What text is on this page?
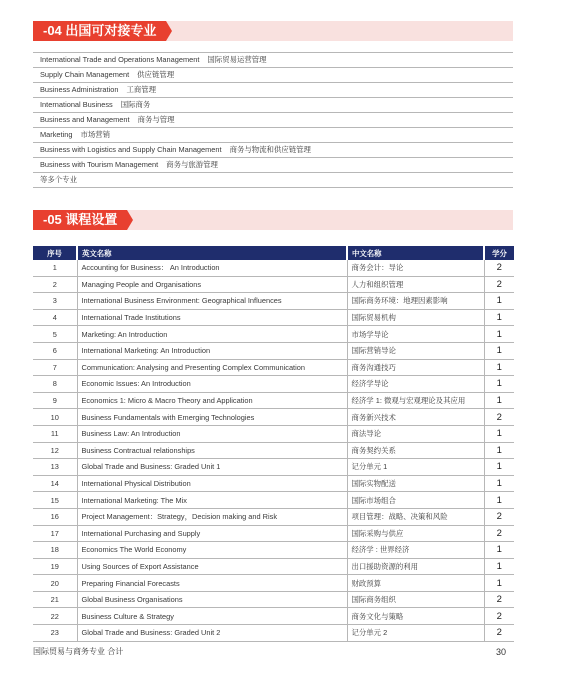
-04 出国可对接专业
International Trade and Operations Management 国际贸易运营管理
Supply Chain Management 供应链管理
Business Administration 工商管理
International Business 国际商务
Business and Management 商务与管理
Marketing 市场营销
Business with Logistics and Supply Chain Management 商务与物流和供应链管理
Business with Tourism Management 商务与旅游管理
等多个专业
-05 课程设置
序号	英文名称	中文名称	学分
1	Accounting for Business： An Introduction	商务会计：导论	2
2	Managing People and Organisations	人力和组织管理	2
3	International Business Environment: Geographical Influences	国际商务环境：地理因素影响	1
4	International Trade Institutions	国际贸易机构	1
5	Marketing: An Introduction	市场学导论	1
6	International Marketing: An Introduction	国际营销导论	1
7	Communication: Analysing and Presenting Complex Communication	商务沟通技巧	1
8	Economic Issues: An Introduction	经济学导论	1
9	Economics 1: Micro & Macro Theory and Application	经济学 1: 微观与宏观理论及其应用	1
10	Business Fundamentals with Emerging Technologies	商务新兴技术	2
11	Business Law: An Introduction	商法导论	1
12	Business Contractual relationships	商务契约关系	1
13	Global Trade and Business: Graded Unit 1	记分单元 1	1
14	International Physical Distribution	国际实物配送	1
15	International Marketing: The Mix	国际市场组合	1
16	Project Management：Strategy，Decision making and Risk	项目管理：战略、决策和风险	2
17	International Purchasing and Supply	国际采购与供应	2
18	Economics The World Economy	经济学 : 世界经济	1
19	Using Sources of Export Assistance	出口援助资源的利用	1
20	Preparing Financial Forecasts	财政预算	1
21	Global Business Organisations	国际商务组织	2
22	Business Culture & Strategy	商务文化与策略	2
23	Global Trade and Business: Graded Unit 2	记分单元 2	2
国际贸易与商务专业 合计	30
